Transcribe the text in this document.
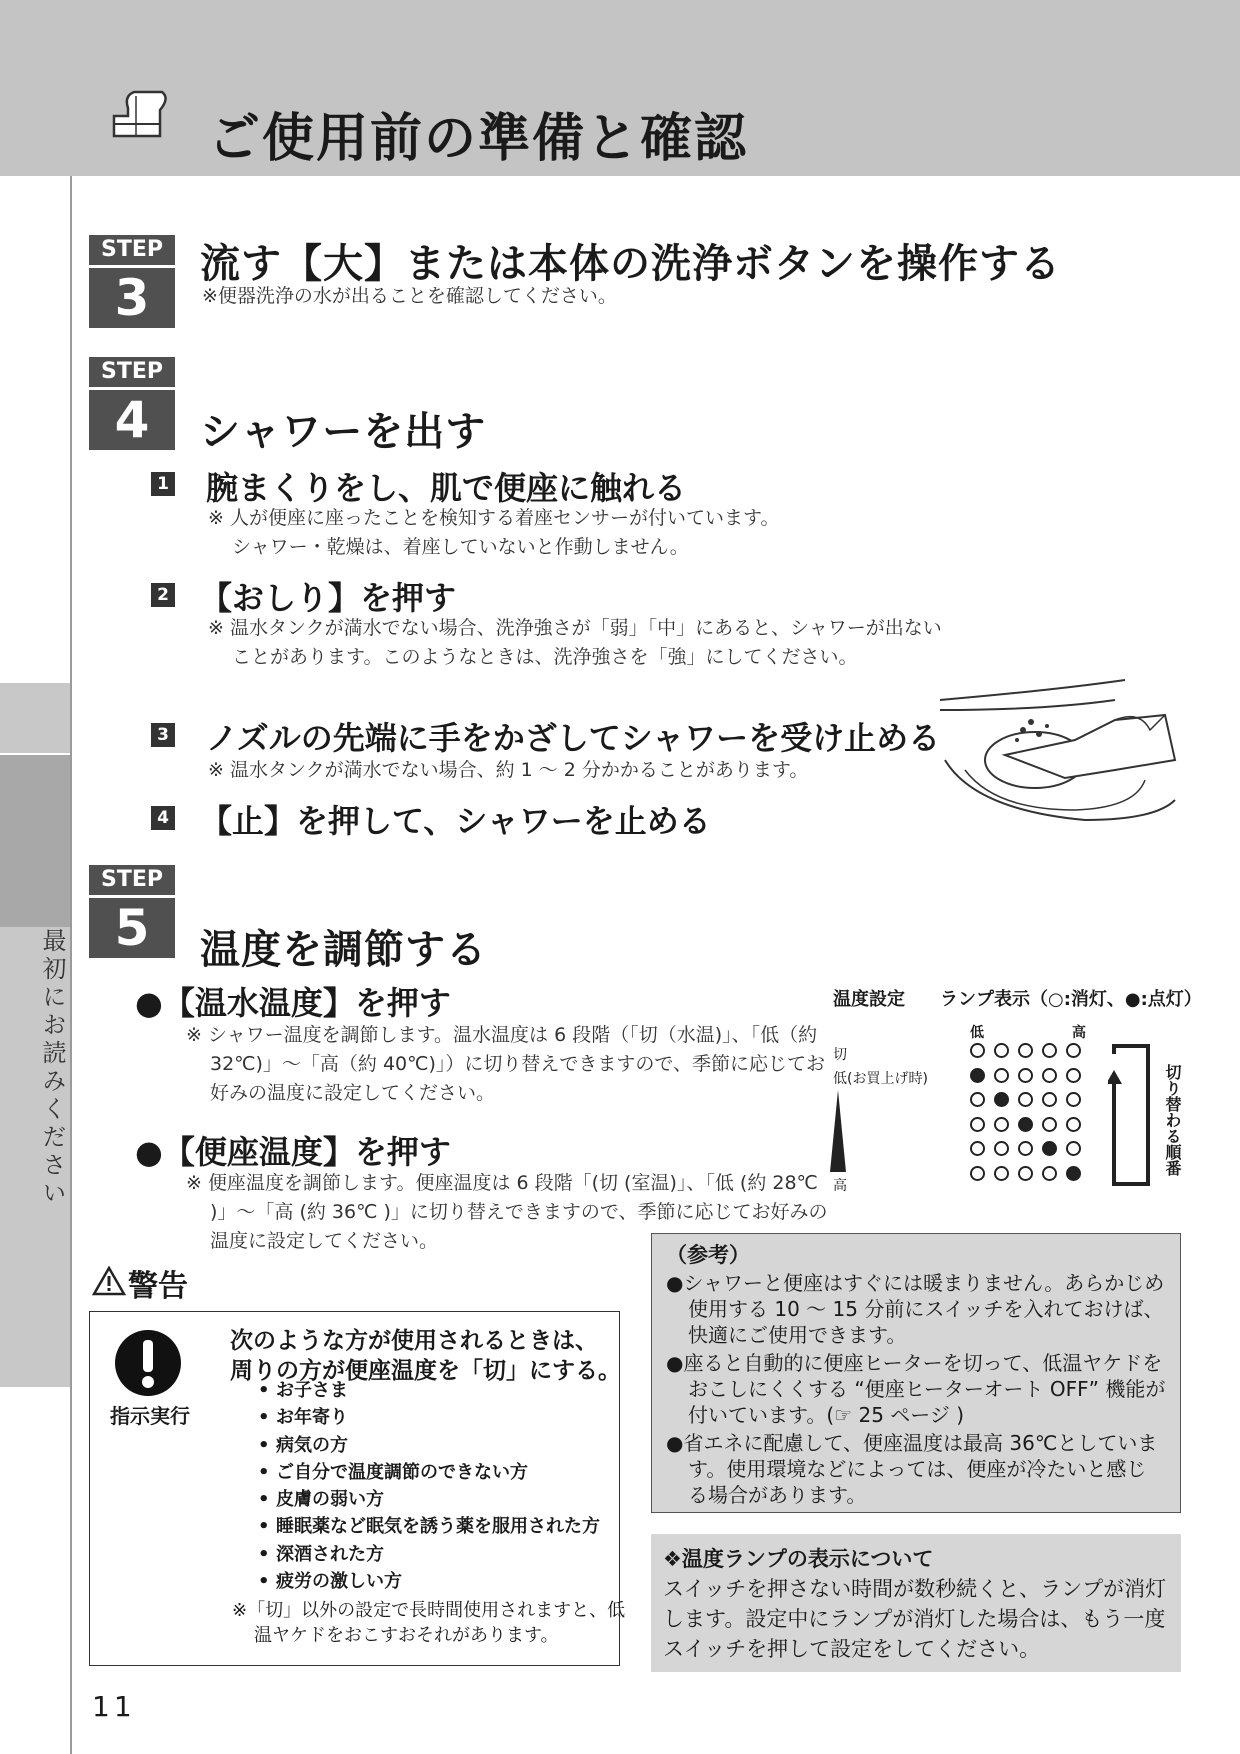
ご使用前の準備と確認
最初にお読みください
STEP
3
流す【大】または本体の洗浄ボタンを操作する
※便器洗浄の水が出ることを確認してください。
STEP
4	シャワーを出す
1 腕まくりをし、肌で便座に触れる
※ 人が便座に座ったことを検知する着座センサーが付いています。
シャワー・乾燥は、着座していないと作動しません。
2 【おしり】を押す
※ 温水タンクが満水でない場合、洗浄強さが「弱」「中」にあると、シャワーが出ないことがあります。このようなときは、洗浄強さを「強」にしてください。
3 ノズルの先端に手をかざしてシャワーを受け止める
※ 温水タンクが満水でない場合、約 1 ～ 2 分かかることがあります。
4 【止】を押して、シャワーを止める
STEP
5	温度を調節する
●【温水温度】を押す
※ シャワー温度を調節します。温水温度は 6 段階（「切（水温)」、「低（約 32℃)」～「高（約 40℃)」）に切り替えできますので、季節に応じてお好みの温度に設定してください。
●【便座温度】を押す
※ 便座温度を調節します。便座温度は 6 段階「(切 (室温)」、「低 (約 28℃ )」～「高 (約 36℃ )」に切り替えできますので、季節に応じてお好みの温度に設定してください。
温度設定 ランプ表示（○:消灯、●:点灯）
低	高
切
低(お買上げ時)
高
切り替わる順番
警告
指示実行
次のような方が使用されるときは、
周りの方が便座温度を「切」にする。
• お子さま
• お年寄り
• 病気の方
• ご自分で温度調節のできない方
• 皮膚の弱い方
• 睡眠薬など眠気を誘う薬を服用された方
• 深酒された方
• 疲労の激しい方
※「切」以外の設定で長時間使用されますと、低温ヤケドをおこすおそれがあります。
（参考）
●シャワーと便座はすぐには暖まりません。あらかじめ使用する 10 ～ 15 分前にスイッチを入れておけば、快適にご使用できます。
●座ると自動的に便座ヒーターを切って、低温ヤケドをおこしにくくする “便座ヒーターオート OFF” 機能が付いています。(☞ 25 ページ )
●省エネに配慮して、便座温度は最高 36℃としています。使用環境などによっては、便座が冷たいと感じる場合があります。
❖温度ランプの表示について
スイッチを押さない時間が数秒続くと、ランプが消灯します。設定中にランプが消灯した場合は、もう一度スイッチを押して設定をしてください。
11
